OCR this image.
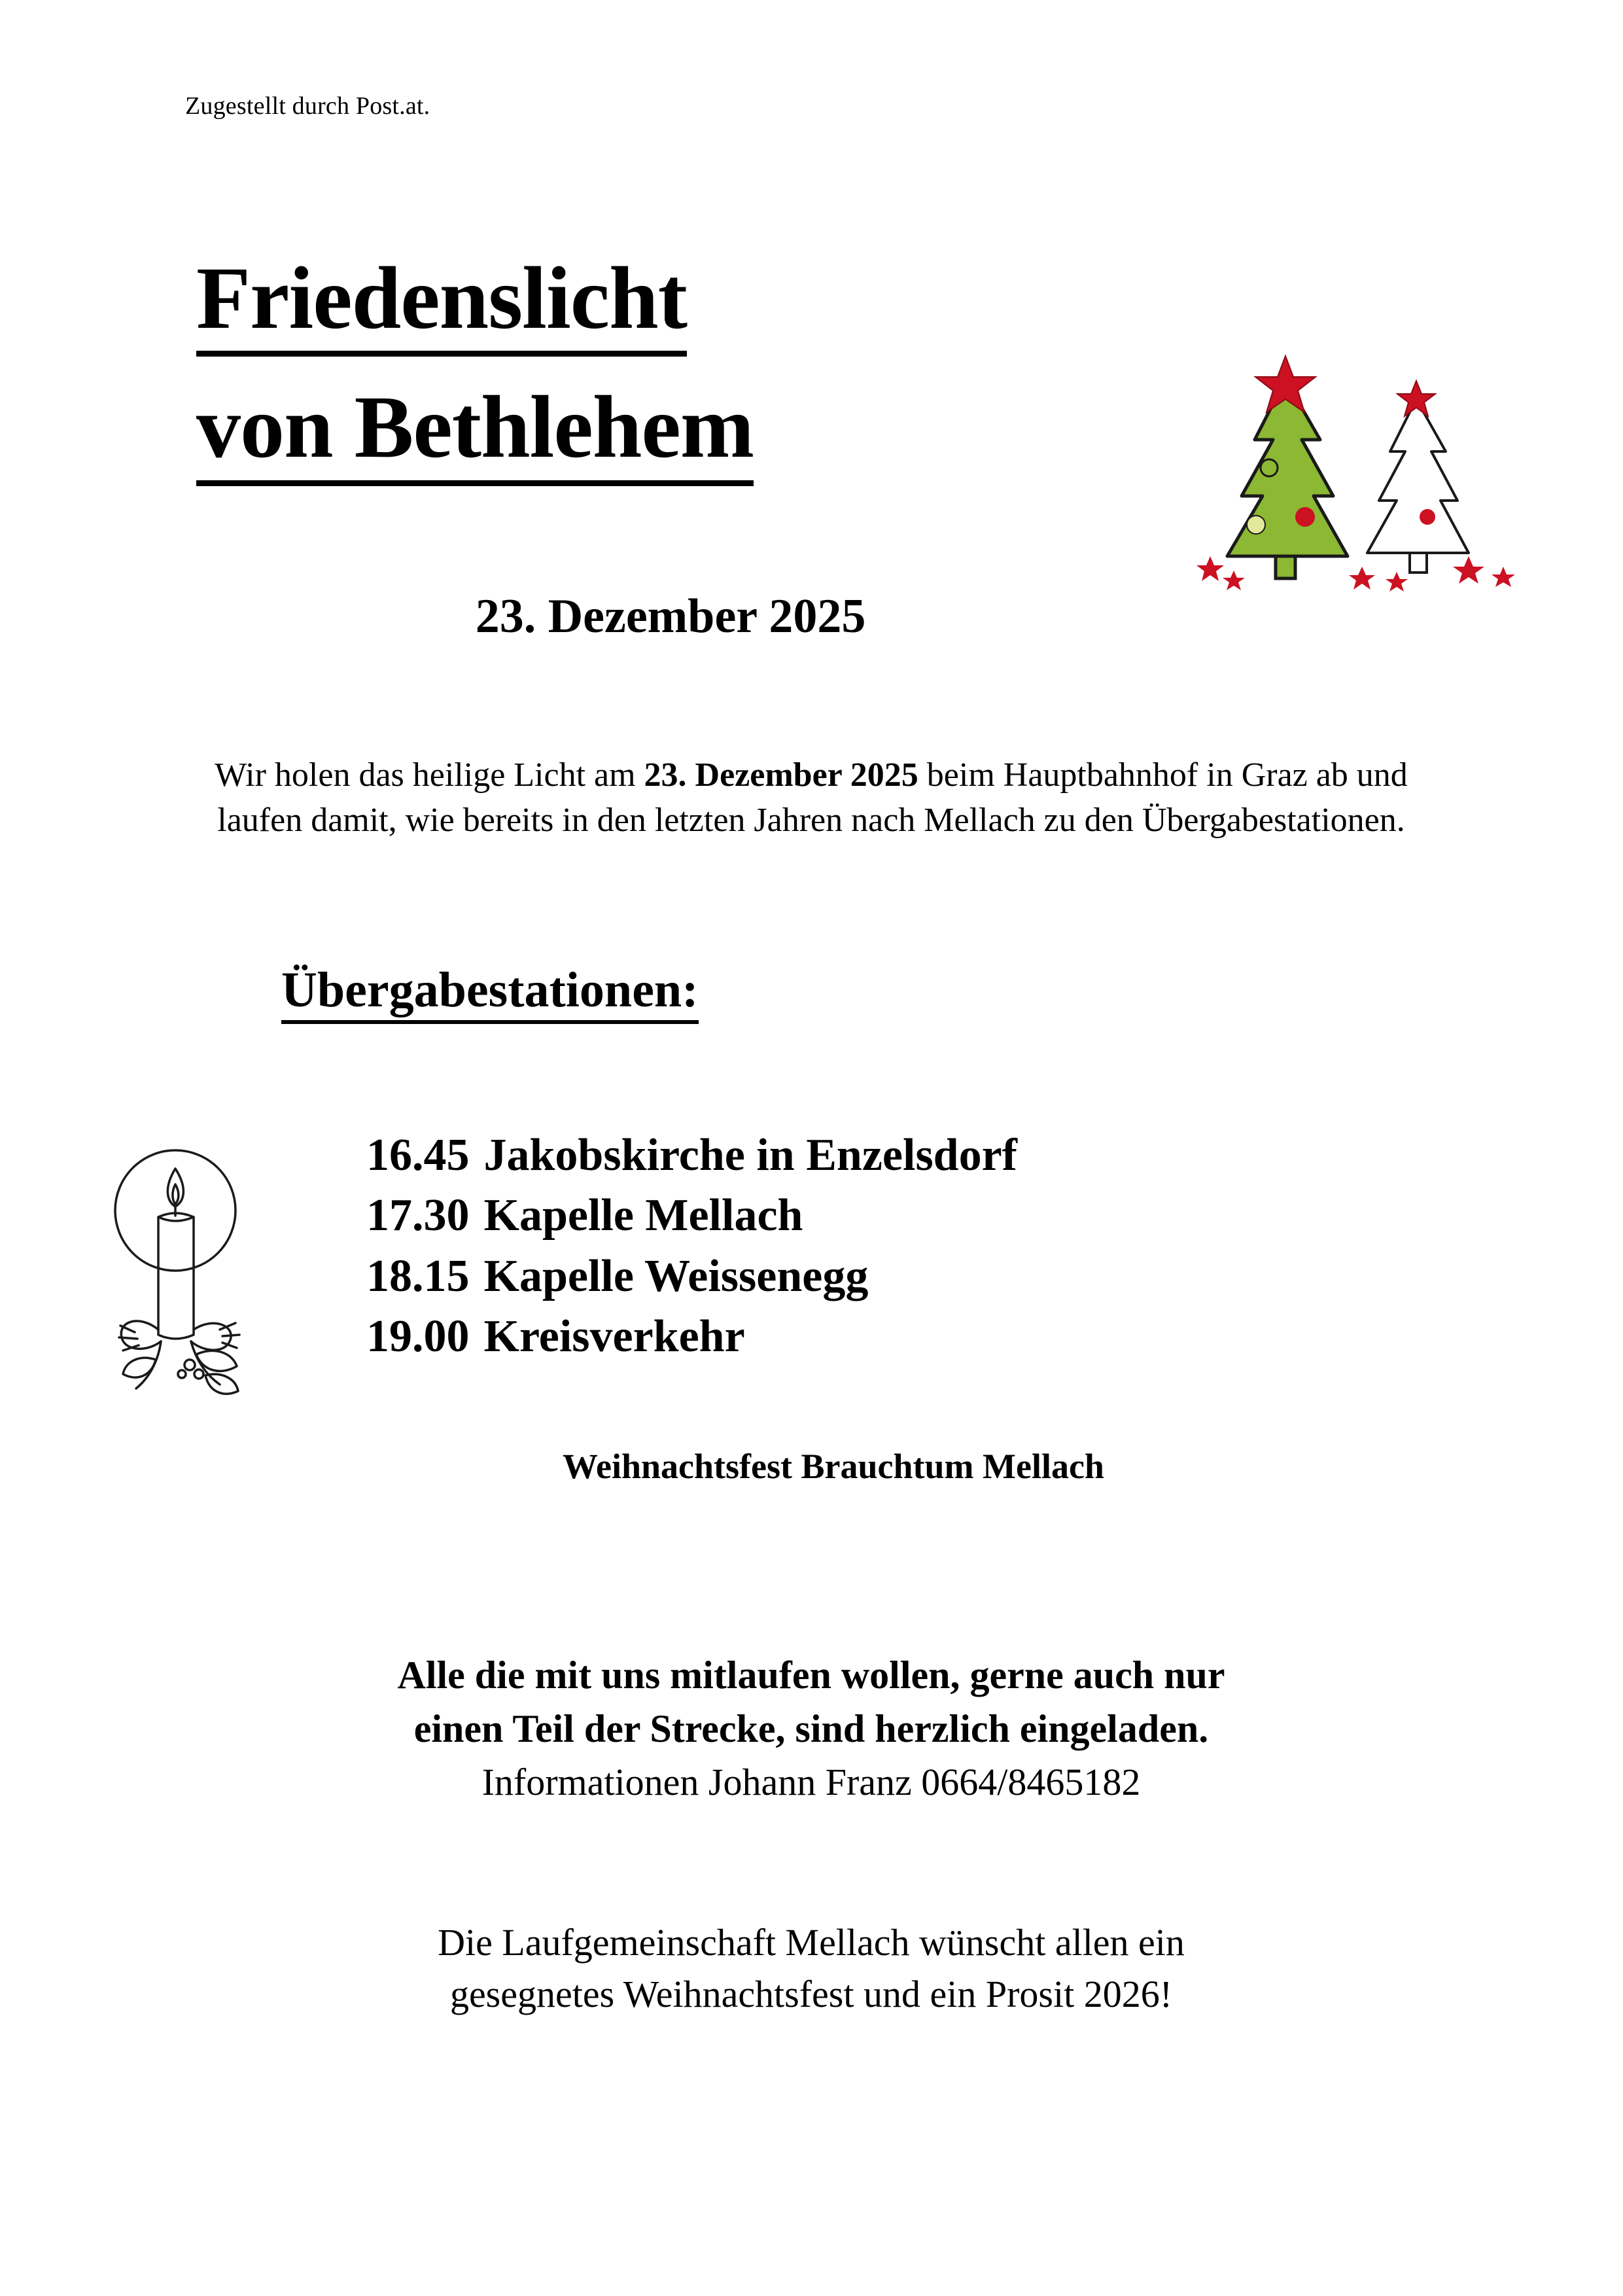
Zugestellt durch Post.at.
Friedenslicht
von Bethlehem
23. Dezember 2025
Wir holen das heilige Licht am 23. Dezember 2025 beim Hauptbahnhof in Graz ab und laufen damit, wie bereits in den letzten Jahren nach Mellach zu den Übergabestationen.
Übergabestationen:
16.45 Jakobskirche in Enzelsdorf
17.30 Kapelle Mellach
18.15 Kapelle Weissenegg
19.00 Kreisverkehr
Weihnachtsfest Brauchtum Mellach
Alle die mit uns mitlaufen wollen, gerne auch nur
einen Teil der Strecke, sind herzlich eingeladen.
Informationen Johann Franz 0664/8465182
Die Laufgemeinschaft Mellach wünscht allen ein
gesegnetes Weihnachtsfest und ein Prosit 2026!
